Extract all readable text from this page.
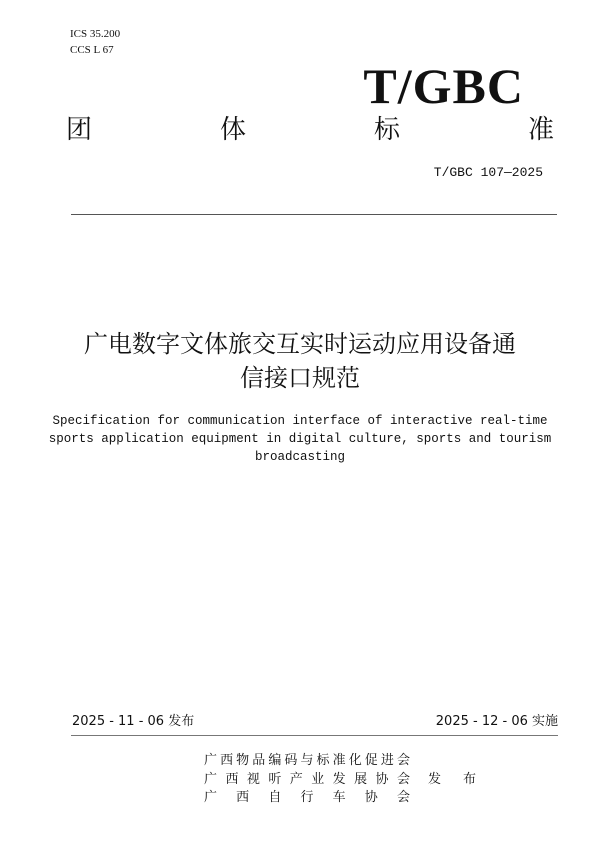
ICS 35.200
CCS L 67
T/GBC
团	体	标	准
T/GBC 107—2025
广电数字文体旅交互实时运动应用设备通
信接口规范
Specification for communication interface of interactive real-time
sports application equipment in digital culture, sports and tourism
broadcasting
2025 - 11 - 06 发布	2025 - 12 - 06 实施
广 西 物 品 编 码 与 标 准 化 促 进 会
广 西 视 听 产 业 发 展 协 会 发 布
广 西 自 行 车 协 会
